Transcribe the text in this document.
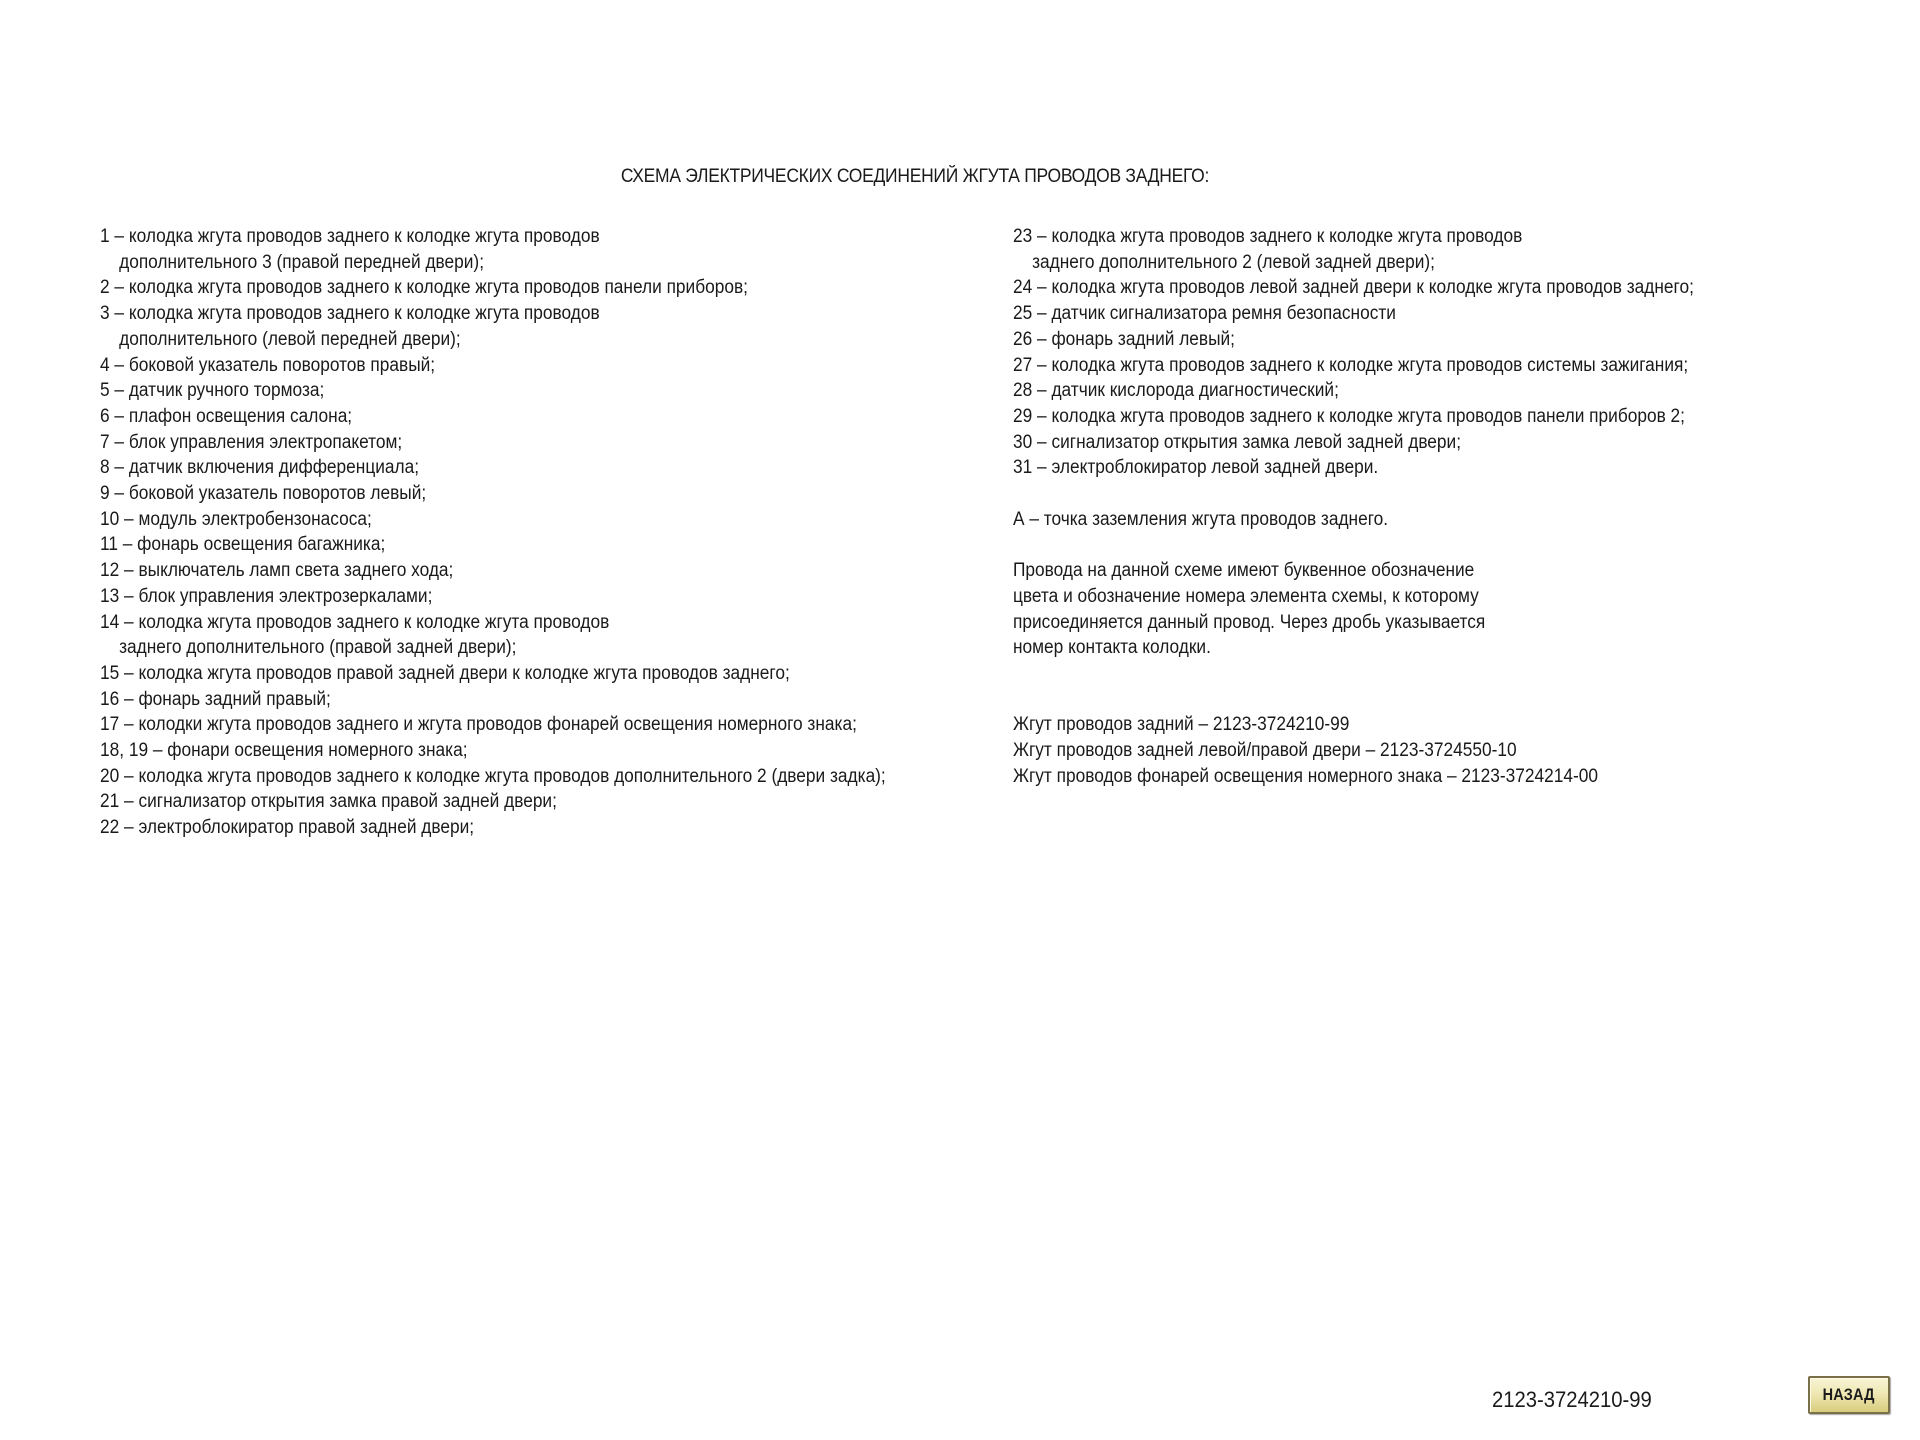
СХЕМА ЭЛЕКТРИЧЕСКИХ СОЕДИНЕНИЙ ЖГУТА ПРОВОДОВ ЗАДНЕГО:
1 – колодка жгута проводов заднего к колодке жгута проводов
дополнительного 3 (правой передней двери);
2 – колодка жгута проводов заднего к колодке жгута проводов панели приборов;
3 – колодка жгута проводов заднего к колодке жгута проводов
дополнительного (левой передней двери);
4 – боковой указатель поворотов правый;
5 – датчик ручного тормоза;
6 – плафон освещения салона;
7 – блок управления электропакетом;
8 – датчик включения дифференциала;
9 – боковой указатель поворотов левый;
10 – модуль электробензонасоса;
11 – фонарь освещения багажника;
12 – выключатель ламп света заднего хода;
13 – блок управления электрозеркалами;
14 – колодка жгута проводов заднего к колодке жгута проводов
заднего дополнительного (правой задней двери);
15 – колодка жгута проводов правой задней двери к колодке жгута проводов заднего;
16 – фонарь задний правый;
17 – колодки жгута проводов заднего и жгута проводов фонарей освещения номерного знака;
18, 19 – фонари освещения номерного знака;
20 – колодка жгута проводов заднего к колодке жгута проводов дополнительного 2 (двери задка);
21 – сигнализатор открытия замка правой задней двери;
22 – электроблокиратор правой задней двери;
23 – колодка жгута проводов заднего к колодке жгута проводов
заднего дополнительного 2 (левой задней двери);
24 – колодка жгута проводов левой задней двери к колодке жгута проводов заднего;
25 – датчик сигнализатора ремня безопасности
26 – фонарь задний левый;
27 – колодка жгута проводов заднего к колодке жгута проводов системы зажигания;
28 – датчик кислорода диагностический;
29 – колодка жгута проводов заднего к колодке жгута проводов панели приборов 2;
30 – сигнализатор открытия замка левой задней двери;
31 – электроблокиратор левой задней двери.
А – точка заземления жгута проводов заднего.
Провода на данной схеме имеют буквенное обозначение
цвета и обозначение номера элемента схемы, к которому
присоединяется данный провод. Через дробь указывается
номер контакта колодки.
Жгут проводов задний – 2123-3724210-99
Жгут проводов задней левой/правой двери – 2123-3724550-10
Жгут проводов фонарей освещения номерного знака – 2123-3724214-00
2123-3724210-99	НАЗАД
